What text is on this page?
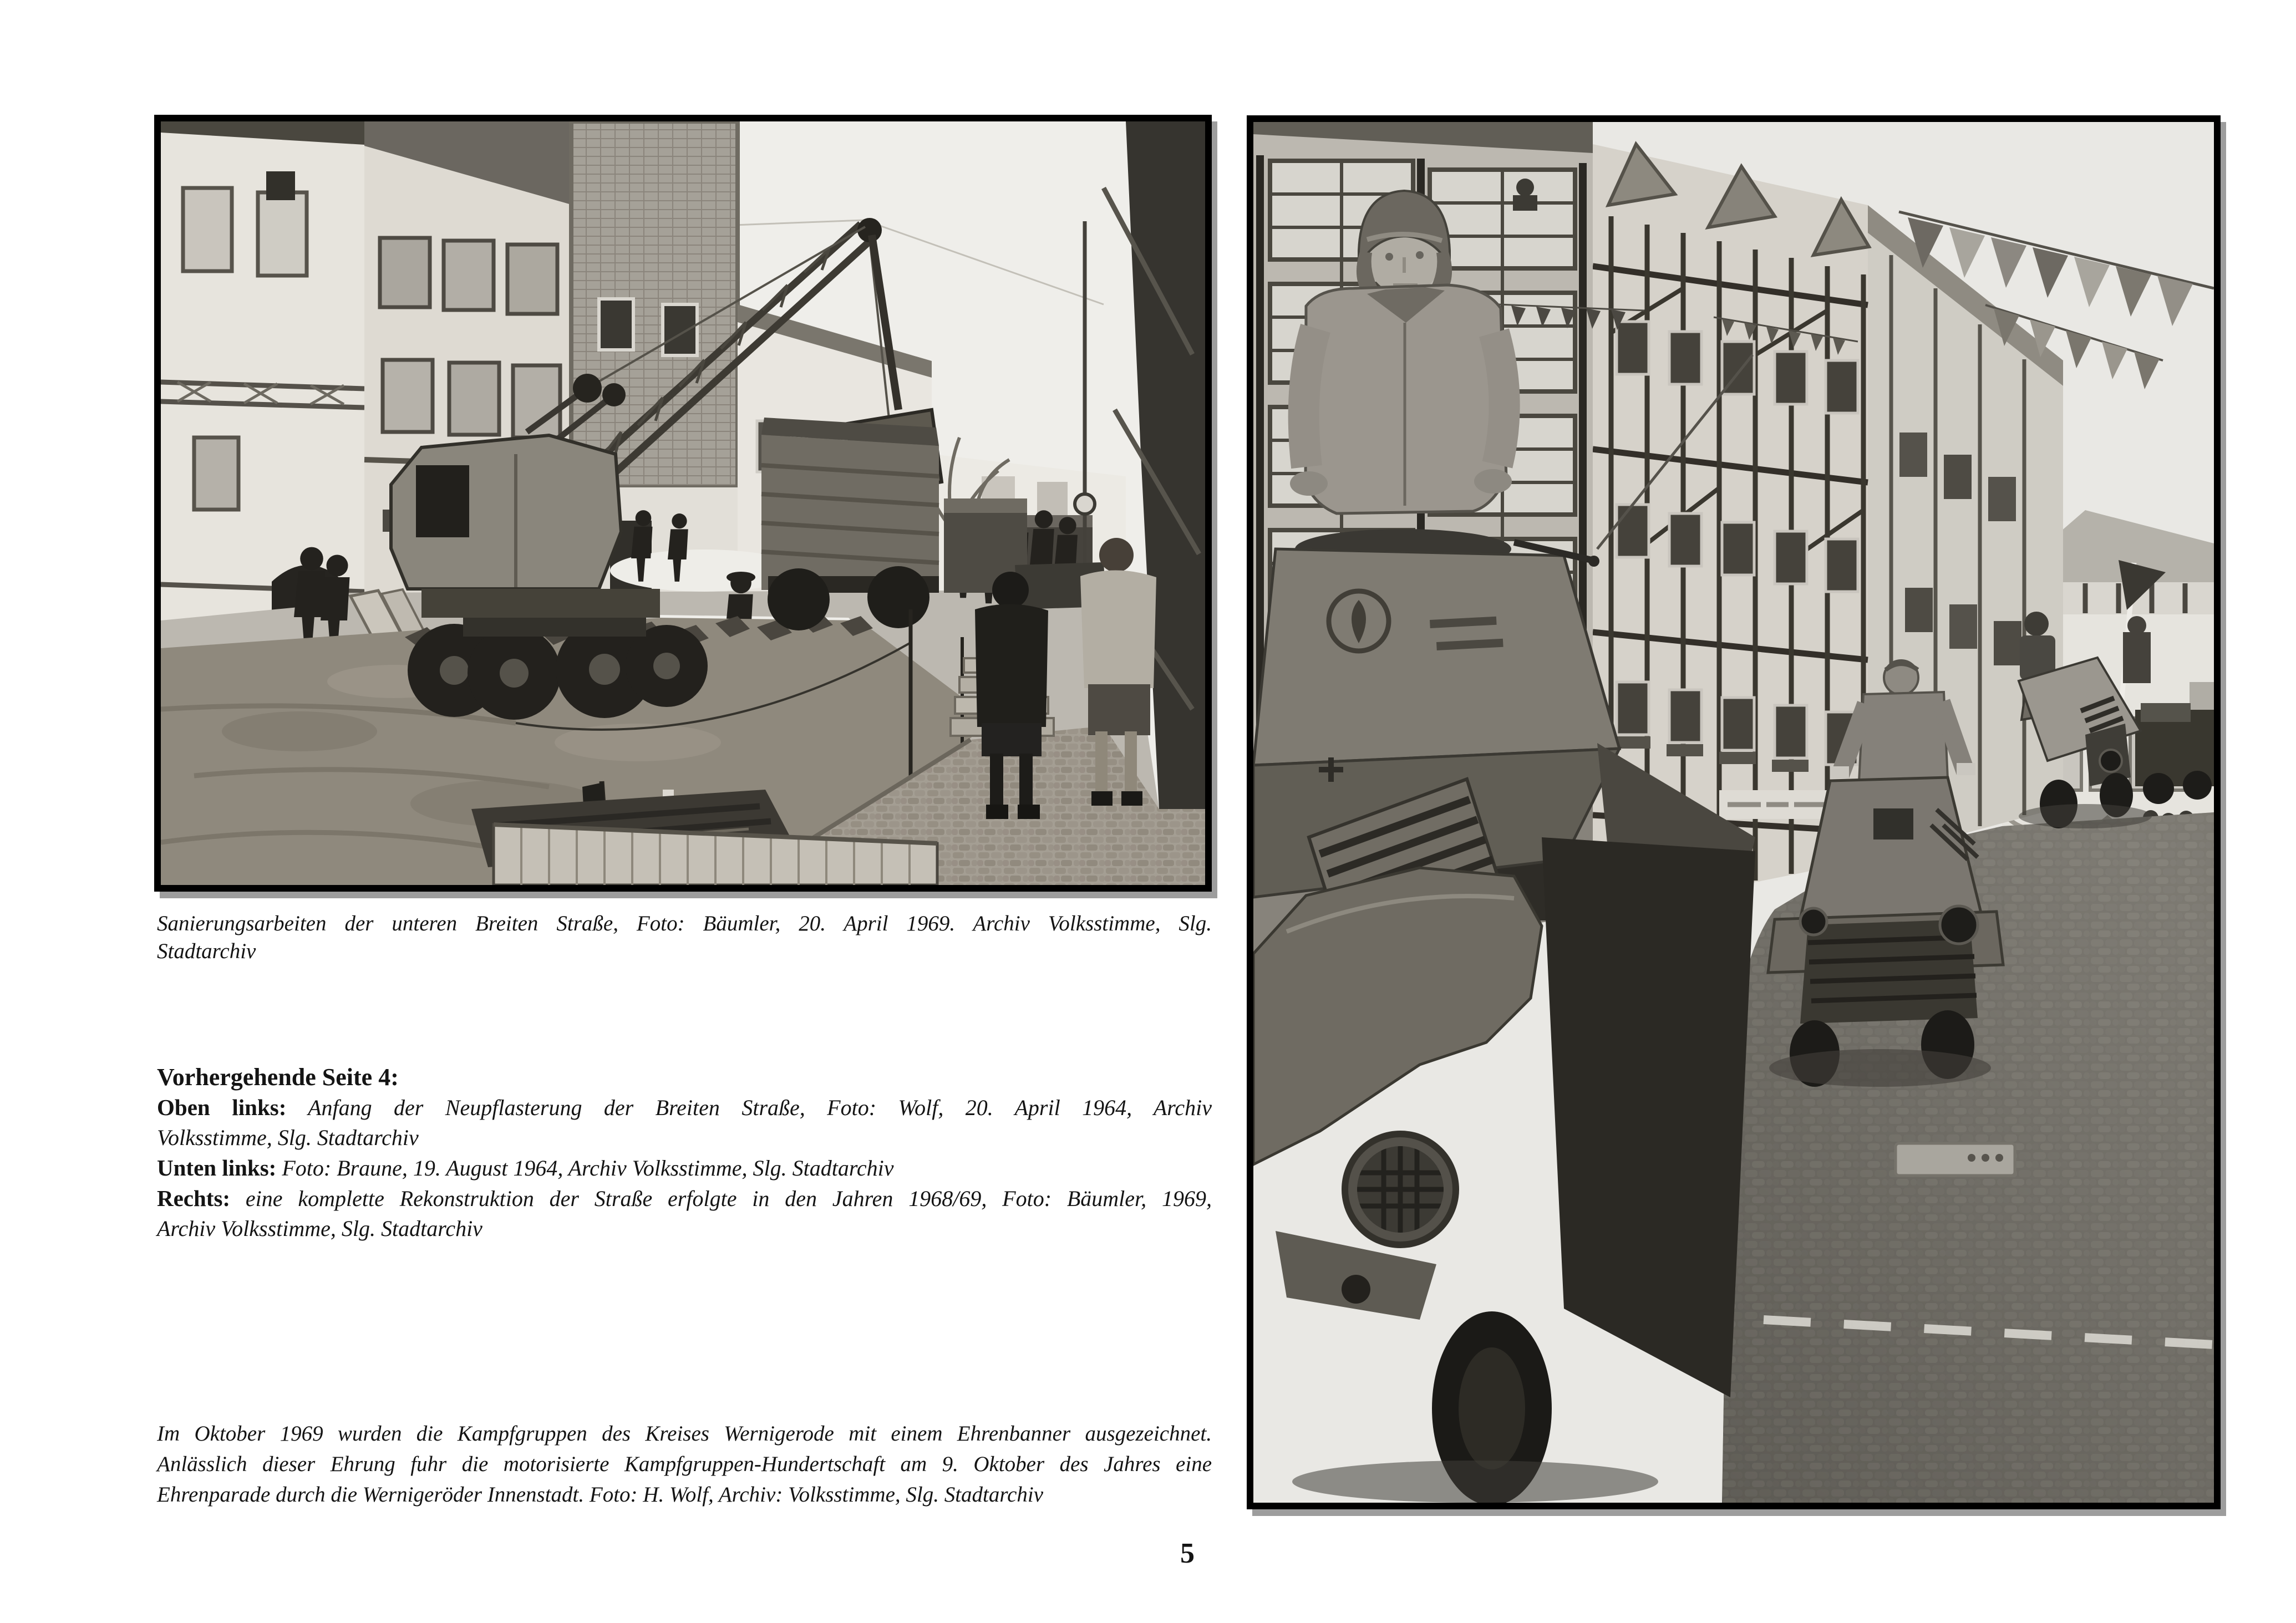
Sanierungsarbeiten der unteren Breiten Straße, Foto: Bäumler, 20. April 1969. Archiv Volksstimme, Slg.
Stadtarchiv
Vorhergehende Seite 4:
Oben links: Anfang der Neupflasterung der Breiten Straße, Foto: Wolf, 20. April 1964, Archiv
Volksstimme, Slg. Stadtarchiv
Unten links: Foto: Braune, 19. August 1964, Archiv Volksstimme, Slg. Stadtarchiv
Rechts: eine komplette Rekonstruktion der Straße erfolgte in den Jahren 1968/69, Foto: Bäumler, 1969,
Archiv Volksstimme, Slg. Stadtarchiv
Im Oktober 1969 wurden die Kampfgruppen des Kreises Wernigerode mit einem Ehrenbanner ausgezeichnet.
Anlässlich dieser Ehrung fuhr die motorisierte Kampfgruppen-Hundertschaft am 9. Oktober des Jahres eine
Ehrenparade durch die Wernigeröder Innenstadt. Foto: H. Wolf, Archiv: Volksstimme, Slg. Stadtarchiv
5
